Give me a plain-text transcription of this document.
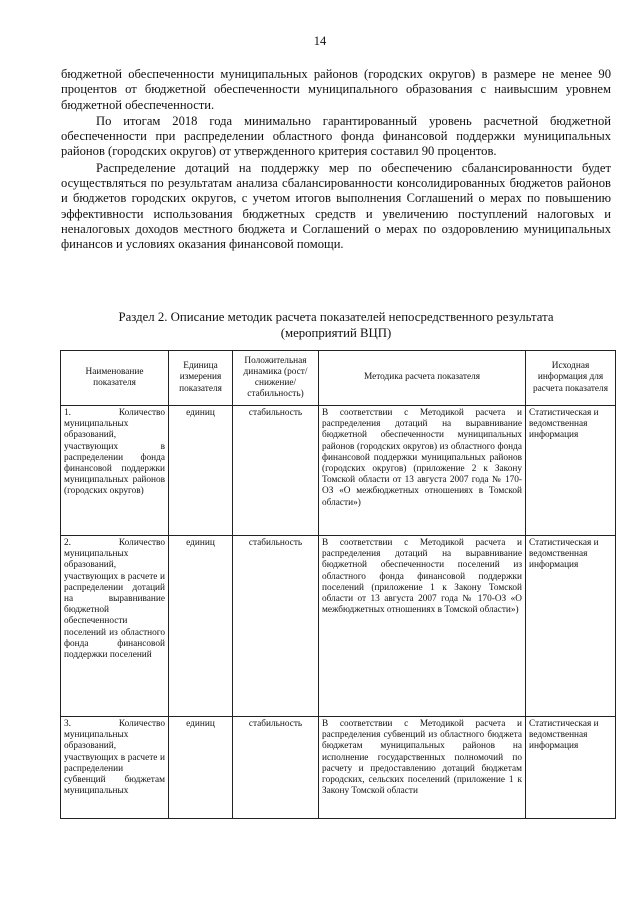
14

бюджетной обеспеченности муниципальных районов (городских округов) в размере не менее 90 процентов от бюджетной обеспеченности муниципального образования с наивысшим уровнем бюджетной обеспеченности.

По итогам 2018 года минимально гарантированный уровень расчетной бюджетной обеспеченности при распределении областного фонда финансовой поддержки муниципальных районов (городских округов) от утвержденного критерия составил 90 процентов.

Распределение дотаций на поддержку мер по обеспечению сбалансированности будет осуществляться по результатам анализа сбалансированности консолидированных бюджетов районов и бюджетов городских округов, с учетом итогов выполнения Соглашений о мерах по повышению эффективности использования бюджетных средств и увеличению поступлений налоговых и неналоговых доходов местного бюджета и Соглашений о мерах по оздоровлению муниципальных финансов и условиях оказания финансовой помощи.

Раздел 2. Описание методик расчета показателей непосредственного результата
(мероприятий ВЦП)
Наименование показателя	Единица измерения показателя	Положительная динамика (рост/снижение/стабильность)	Методика расчета показателя	Исходная информация для расчета показателя
1. Количество муниципальных образований, участвующих в распределении фонда финансовой поддержки муниципальных районов (городских округов)	единиц	стабильность	В соответствии с Методикой расчета и распределения дотаций на выравнивание бюджетной обеспеченности муниципальных районов (городских округов) из областного фонда финансовой поддержки муниципальных районов (городских округов) (приложение 2 к Закону Томской области от 13 августа 2007 года № 170-ОЗ «О межбюджетных отношениях в Томской области»)	Статистическая и ведомственная информация
2. Количество муниципальных образований, участвующих в расчете и распределении дотаций на выравнивание бюджетной обеспеченности поселений из областного фонда финансовой поддержки поселений	единиц	стабильность	В соответствии с Методикой расчета и распределения дотаций на выравнивание бюджетной обеспеченности поселений из областного фонда финансовой поддержки поселений (приложение 1 к Закону Томской области от 13 августа 2007 года № 170-ОЗ «О межбюджетных отношениях в Томской области»)	Статистическая и ведомственная информация
3. Количество муниципальных образований, участвующих в расчете и распределении субвенций бюджетам муниципальных	единиц	стабильность	В соответствии с Методикой расчета и распределения субвенций из областного бюджета бюджетам муниципальных районов на исполнение государственных полномочий по расчету и предоставлению дотаций бюджетам городских, сельских поселений (приложение 1 к Закону Томской области	Статистическая и ведомственная информация
